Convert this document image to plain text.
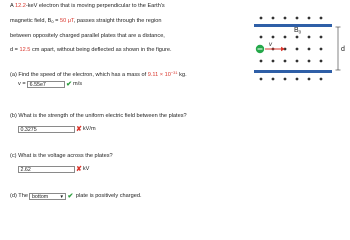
A 12.2-keV electron that is moving perpendicular to the Earth's
magnetic field, $B_0 = 50$ μT, passes straight through the region
between oppositely charged parallel plates that are a distance,
d = 12.5 cm apart, without being deflected as shown in the figure.
(a) Find the speed of the electron, which has a mass of $9.11 \times 10^{-31}$ kg.
v = 6.55e7	✔m/s
(b) What is the strength of the uniform electric field between the plates?
0.3275	✘kV/m
(c) What is the voltage across the plates?
2.62	✘kV
(d) The bottom	▼ ✔ plate is positively charged.
$B_0$
v
d
